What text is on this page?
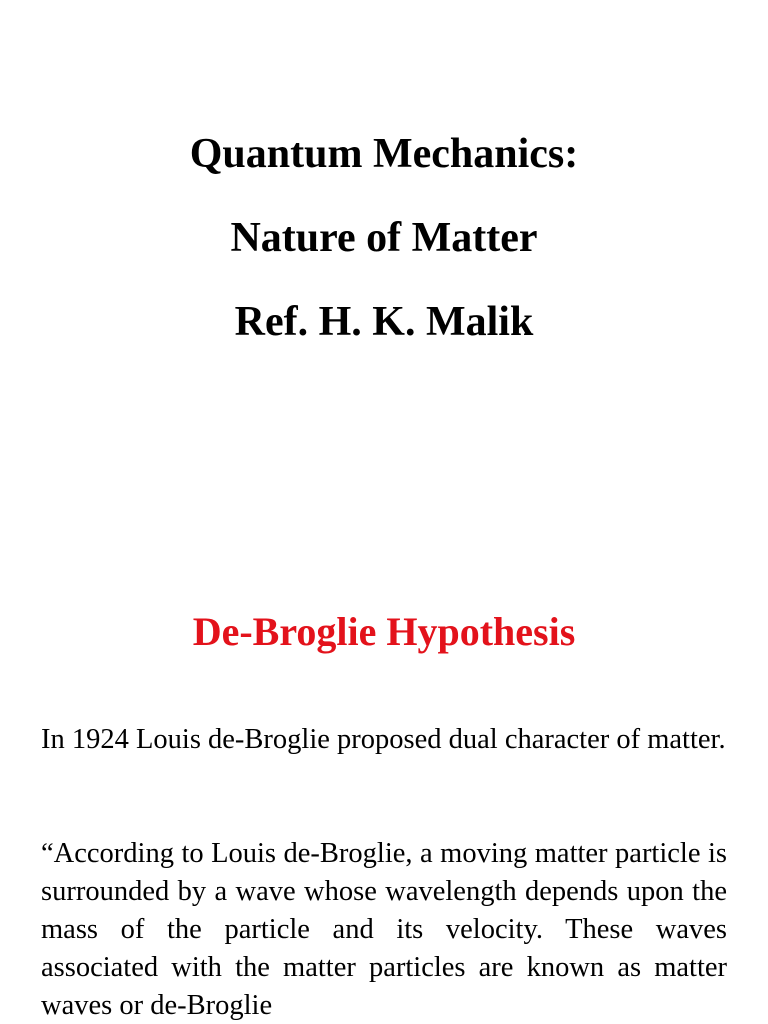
Quantum Mechanics:
Nature of Matter
Ref. H. K. Malik
De-Broglie Hypothesis

In 1924 Louis de-Broglie proposed dual character of matter.

“According to Louis de-Broglie, a moving matter particle is surrounded by a wave whose wavelength depends upon the mass of the particle and its velocity. These waves associated with the matter particles are known as matter waves or de-Broglie
